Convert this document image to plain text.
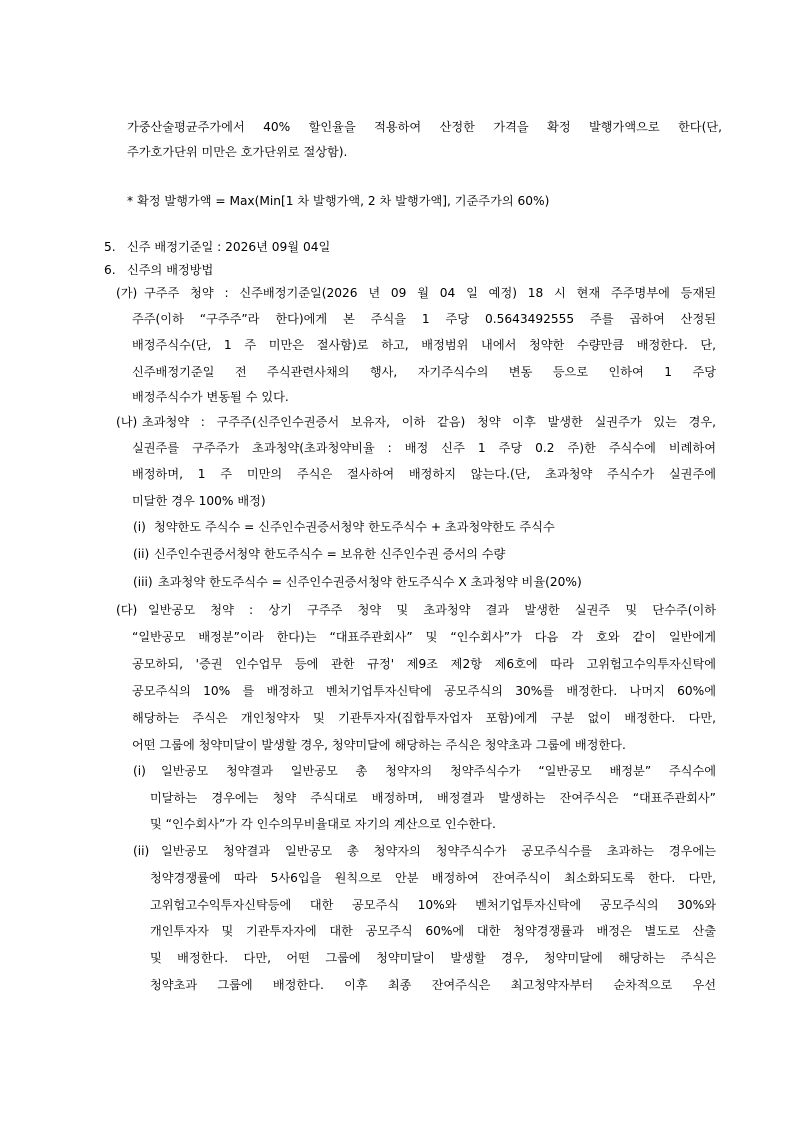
가중산술평균주가에서 40% 할인율을 적용하여 산정한 가격을 확정 발행가액으로 한다(단,
주가호가단위 미만은 호가단위로 절상함).
* 확정 발행가액 = Max(Min[1 차 발행가액, 2 차 발행가액], 기준주가의 60%)
5. 신주 배정기준일 : 2026년 09월 04일
6. 신주의 배정방법
(가) 구주주 청약 : 신주배정기준일(2026 년 09 월 04 일 예정) 18 시 현재 주주명부에 등재된
주주(이하 “구주주”라 한다)에게 본 주식을 1 주당 0.5643492555 주를 곱하여 산정된
배정주식수(단, 1 주 미만은 절사함)로 하고, 배정범위 내에서 청약한 수량만큼 배정한다. 단,
신주배정기준일 전 주식관련사채의 행사, 자기주식수의 변동 등으로 인하여 1 주당
배정주식수가 변동될 수 있다.
(나) 초과청약 : 구주주(신주인수권증서 보유자, 이하 같음) 청약 이후 발생한 실권주가 있는 경우,
실권주를 구주주가 초과청약(초과청약비율 : 배정 신주 1 주당 0.2 주)한 주식수에 비례하여
배정하며, 1 주 미만의 주식은 절사하여 배정하지 않는다.(단, 초과청약 주식수가 실권주에
미달한 경우 100% 배정)
(i) 청약한도 주식수 = 신주인수권증서청약 한도주식수 + 초과청약한도 주식수
(ii) 신주인수권증서청약 한도주식수 = 보유한 신주인수권 증서의 수량
(iii) 초과청약 한도주식수 = 신주인수권증서청약 한도주식수 X 초과청약 비율(20%)
(다) 일반공모 청약 : 상기 구주주 청약 및 초과청약 결과 발생한 실권주 및 단수주(이하
“일반공모 배정분”이라 한다)는 “대표주관회사” 및 “인수회사”가 다음 각 호와 같이 일반에게
공모하되, '증권 인수업무 등에 관한 규정' 제9조 제2항 제6호에 따라 고위험고수익투자신탁에
공모주식의 10% 를 배정하고 벤처기업투자신탁에 공모주식의 30%를 배정한다. 나머지 60%에
해당하는 주식은 개인청약자 및 기관투자자(집합투자업자 포함)에게 구분 없이 배정한다. 다만,
어떤 그룹에 청약미달이 발생할 경우, 청약미달에 해당하는 주식은 청약초과 그룹에 배정한다.
(i) 일반공모 청약결과 일반공모 총 청약자의 청약주식수가 “일반공모 배정분” 주식수에
미달하는 경우에는 청약 주식대로 배정하며, 배정결과 발생하는 잔여주식은 “대표주관회사”
및 “인수회사”가 각 인수의무비율대로 자기의 계산으로 인수한다.
(ii) 일반공모 청약결과 일반공모 총 청약자의 청약주식수가 공모주식수를 초과하는 경우에는
청약경쟁률에 따라 5사6입을 원칙으로 안분 배정하여 잔여주식이 최소화되도록 한다. 다만,
고위험고수익투자신탁등에 대한 공모주식 10%와 벤처기업투자신탁에 공모주식의 30%와
개인투자자 및 기관투자자에 대한 공모주식 60%에 대한 청약경쟁률과 배정은 별도로 산출
및 배정한다. 다만, 어떤 그룹에 청약미달이 발생할 경우, 청약미달에 해당하는 주식은
청약초과 그룹에 배정한다. 이후 최종 잔여주식은 최고청약자부터 순차적으로 우선
